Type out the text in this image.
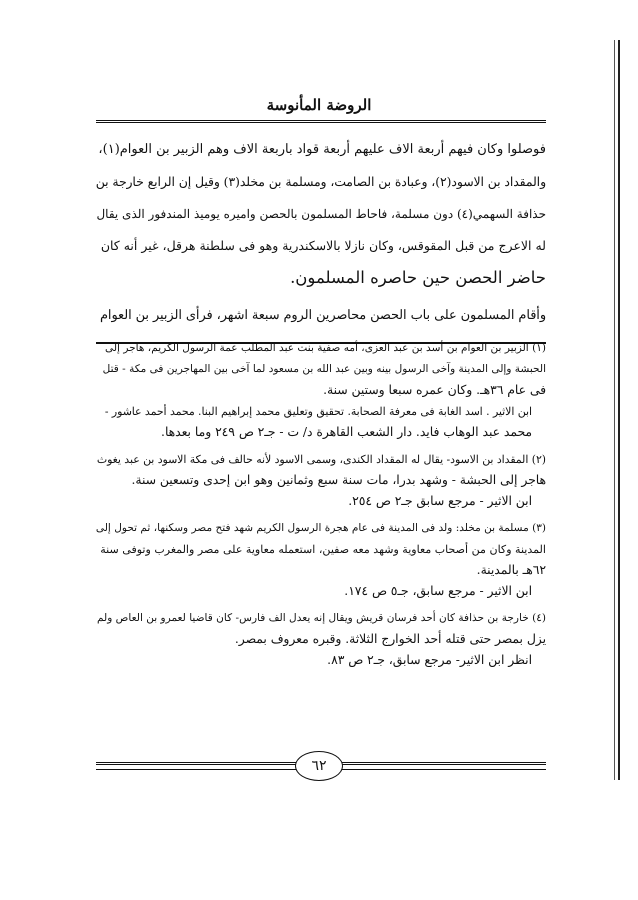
الروضة المأنوسة

فوصلوا وكان فيهم أربعة الاف عليهم أربعة قواد باربعة الاف وهم الزبير بن العوام(١)،

والمقداد بن الاسود(٢)، وعبادة بن الصامت، ومسلمة بن مخلد(٣) وقيل إن الرابع خارجة بن

حذافة السهمي(٤) دون مسلمة، فاحاط المسلمون بالحصن واميره يوميذ المندفور الذى يقال

له الاعرج من قبل المقوقس، وكان نازلا بالاسكندرية وهو فى سلطنة هرقل، غير أنه كان

حاضر الحصن حين حاصره المسلمون.

وأقام المسلمون على باب الحصن محاصرين الروم سبعة اشهر، فرأى الزبير بن العوام

(١) الزبير بن العوام بن أسد بن عبد العزى، أمه صفية بنت عبد المطلب عمة الرسول الكريم، هاجر إلى

الحبشة وإلى المدينة وآخى الرسول بينه وبين عبد الله بن مسعود لما آخى بين المهاجرين فى مكة - قتل

فى عام ٣٦هـ. وكان عمره سبعا وستين سنة.

ابن الاثير . اسد الغابة فى معرفة الصحابة. تحقيق وتعليق محمد إبراهيم البنا. محمد أحمد عاشور -

محمد عبد الوهاب فايد. دار الشعب القاهرة د/ ت - جـ٢ ص ٢٤٩ وما بعدها.

(٢) المقداد بن الاسود- يقال له المقداد الكندى، وسمى الاسود لأنه حالف فى مكة الاسود بن عبد يغوث

هاجر إلى الحبشة - وشهد بدرا، مات سنة سبع وثمانين وهو ابن إحدى وتسعين سنة.

ابن الاثير - مرجع سابق جـ٢ ص ٢٥٤.

(٣) مسلمة بن مخلد: ولد فى المدينة فى عام هجرة الرسول الكريم شهد فتح مصر وسكنها، ثم تحول إلى

المدينة وكان من أصحاب معاوية وشهد معه صفين، استعمله معاوية على مصر والمغرب وتوفى سنة

٦٢هـ بالمدينة.

ابن الاثير - مرجع سابق، جـ٥ ص ١٧٤.

(٤) خارجة بن حذافة كان أحد فرسان قريش ويقال إنه يعدل الف فارس- كان قاضيا لعمرو بن العاص ولم

يزل بمصر حتى قتله أحد الخوارج الثلاثة. وقبره معروف بمصر.

انظر ابن الاثير- مرجع سابق، جـ٢ ص ٨٣.

٦٢
